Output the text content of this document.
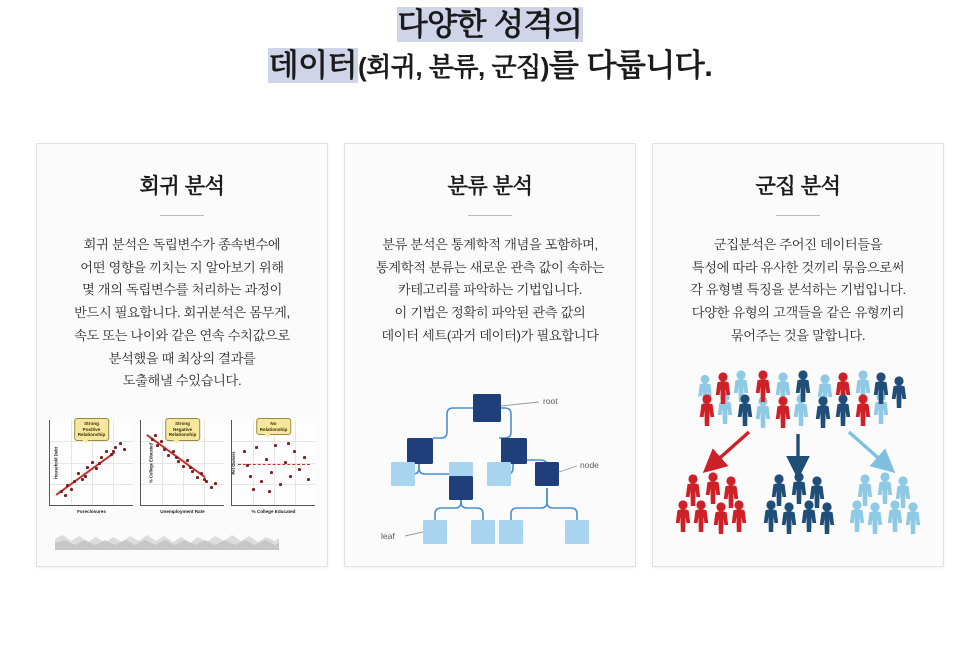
다양한 성격의
데이터(회귀, 분류, 군집)를 다룹니다.
회귀 분석
회귀 분석은 독립변수가 종속변수에
어떤 영향을 끼치는 지 알아보기 위해
몇 개의 독립변수를 처리하는 과정이
반드시 필요합니다. 회귀분석은 몸무게,
속도 또는 나이와 같은 연속 수치값으로
분석했을 때 최상의 결과를
도출해낼 수있습니다.
Strong
Positive
Relationship
Household Debt
Foreclosures
Strong
Negative
Relationship
% College Educated
Unemployment Rate
No
Relationship
Pet Owners
% College Educated
분류 분석
분류 분석은 통계학적 개념을 포함하며,
통계학적 분류는 새로운 관측 값이 속하는
카테고리를 파악하는 기법입니다.
이 기법은 정확히 파악된 관측 값의
데이터 세트(과거 데이터)가 필요합니다
root
node
leaf
군집 분석
군집분석은 주어진 데이터들을
특성에 따라 유사한 것끼리 묶음으로써
각 유형별 특징을 분석하는 기법입니다.
다양한 유형의 고객들을 같은 유형끼리
묶어주는 것을 말합니다.
